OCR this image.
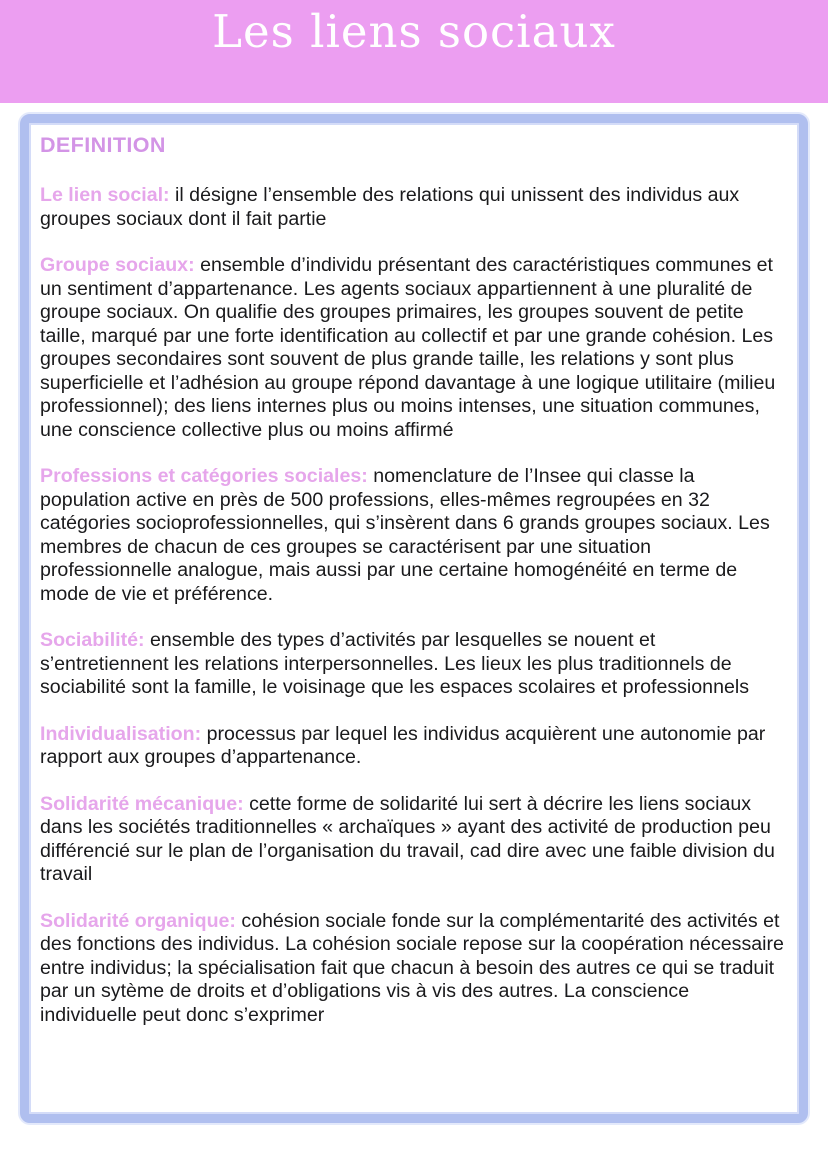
Les liens sociaux
DEFINITION

Le lien social: il désigne l’ensemble des relations qui unissent des individus aux groupes sociaux dont il fait partie

Groupe sociaux: ensemble d’individu présentant des caractéristiques communes et un sentiment d’appartenance. Les agents sociaux appartiennent à une pluralité de groupe sociaux. On qualifie des groupes primaires, les groupes souvent de petite taille, marqué par une forte identification au collectif et par une grande cohésion. Les groupes secondaires sont souvent de plus grande taille, les relations y sont plus superficielle et l’adhésion au groupe répond davantage à une logique utilitaire (milieu professionnel); des liens internes plus ou moins intenses, une situation communes, une conscience collective plus ou moins affirmé

Professions et catégories sociales: nomenclature de l’Insee qui classe la population active en près de 500 professions, elles-mêmes regroupées en 32 catégories socioprofessionnelles, qui s’insèrent dans 6 grands groupes sociaux. Les membres de chacun de ces groupes se caractérisent par une situation professionnelle analogue, mais aussi par une certaine homogénéité en terme de mode de vie et préférence.

Sociabilité: ensemble des types d’activités par lesquelles se nouent et s’entretiennent les relations interpersonnelles. Les lieux les plus traditionnels de sociabilité sont la famille, le voisinage que les espaces scolaires et professionnels

Individualisation: processus par lequel les individus acquièrent une autonomie par rapport aux groupes d’appartenance.

Solidarité mécanique: cette forme de solidarité lui sert à décrire les liens sociaux dans les sociétés traditionnelles « archaïques » ayant des activité de production peu différencié sur le plan de l’organisation du travail, cad dire avec une faible division du travail

Solidarité organique: cohésion sociale fonde sur la complémentarité des activités et des fonctions des individus. La cohésion sociale repose sur la coopération nécessaire entre individus; la spécialisation fait que chacun à besoin des autres ce qui se traduit par un sytème de droits et d’obligations vis à vis des autres. La conscience individuelle peut donc s’exprimer
